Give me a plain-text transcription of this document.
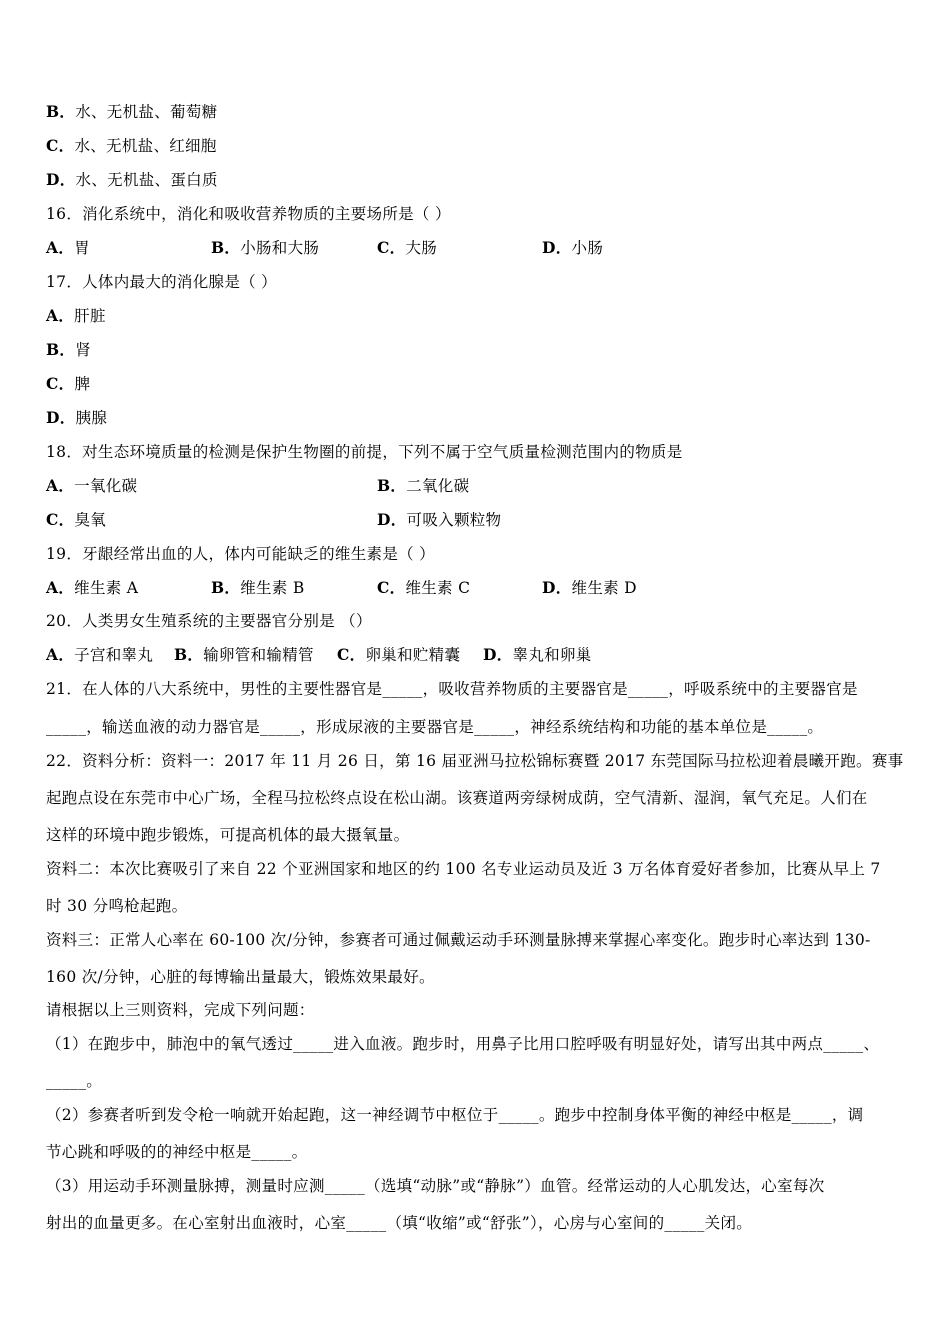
B．水、无机盐、葡萄糖
C．水、无机盐、红细胞
D．水、无机盐、蛋白质
16．消化系统中，消化和吸收营养物质的主要场所是（ ）
A．胃	B．小肠和大肠	C．大肠	D．小肠
17．人体内最大的消化腺是（ ）
A．肝脏
B．肾
C．脾
D．胰腺
18．对生态环境质量的检测是保护生物圈的前提，下列不属于空气质量检测范围内的物质是
A．一氧化碳	B．二氧化碳
C．臭氧	D．可吸入颗粒物
19．牙龈经常出血的人，体内可能缺乏的维生素是（ ）
A．维生素 A	B．维生素 B	C．维生素 C	D．维生素 D
20．人类男女生殖系统的主要器官分别是 （）
A．子宫和睾丸 B．输卵管和输精管 C．卵巢和贮精囊 D．睾丸和卵巢
21．在人体的八大系统中，男性的主要性器官是_____，吸收营养物质的主要器官是_____，呼吸系统中的主要器官是
_____，输送血液的动力器官是_____，形成尿液的主要器官是_____，神经系统结构和功能的基本单位是_____。
22．资料分析：资料一：2017 年 11 月 26 日，第 16 届亚洲马拉松锦标赛暨 2017 东莞国际马拉松迎着晨曦开跑。赛事
起跑点设在东莞市中心广场，全程马拉松终点设在松山湖。该赛道两旁绿树成荫，空气清新、湿润，氧气充足。人们在
这样的环境中跑步锻炼，可提高机体的最大摄氧量。
资料二：本次比赛吸引了来自 22 个亚洲国家和地区的约 100 名专业运动员及近 3 万名体育爱好者参加，比赛从早上 7
时 30 分鸣枪起跑。
资料三：正常人心率在 60-100 次/分钟，参赛者可通过佩戴运动手环测量脉搏来掌握心率变化。跑步时心率达到 130-
160 次/分钟，心脏的每博输出量最大，锻炼效果最好。
请根据以上三则资料，完成下列问题：
（1）在跑步中，肺泡中的氧气透过_____进入血液。跑步时，用鼻子比用口腔呼吸有明显好处，请写出其中两点_____、
_____。
（2）参赛者听到发令枪一响就开始起跑，这一神经调节中枢位于_____。跑步中控制身体平衡的神经中枢是_____，调
节心跳和呼吸的的神经中枢是_____。
（3）用运动手环测量脉搏，测量时应测_____（选填“动脉”或“静脉”）血管。经常运动的人心肌发达，心室每次
射出的血量更多。在心室射出血液时，心室_____（填“收缩”或“舒张”），心房与心室间的_____关闭。
